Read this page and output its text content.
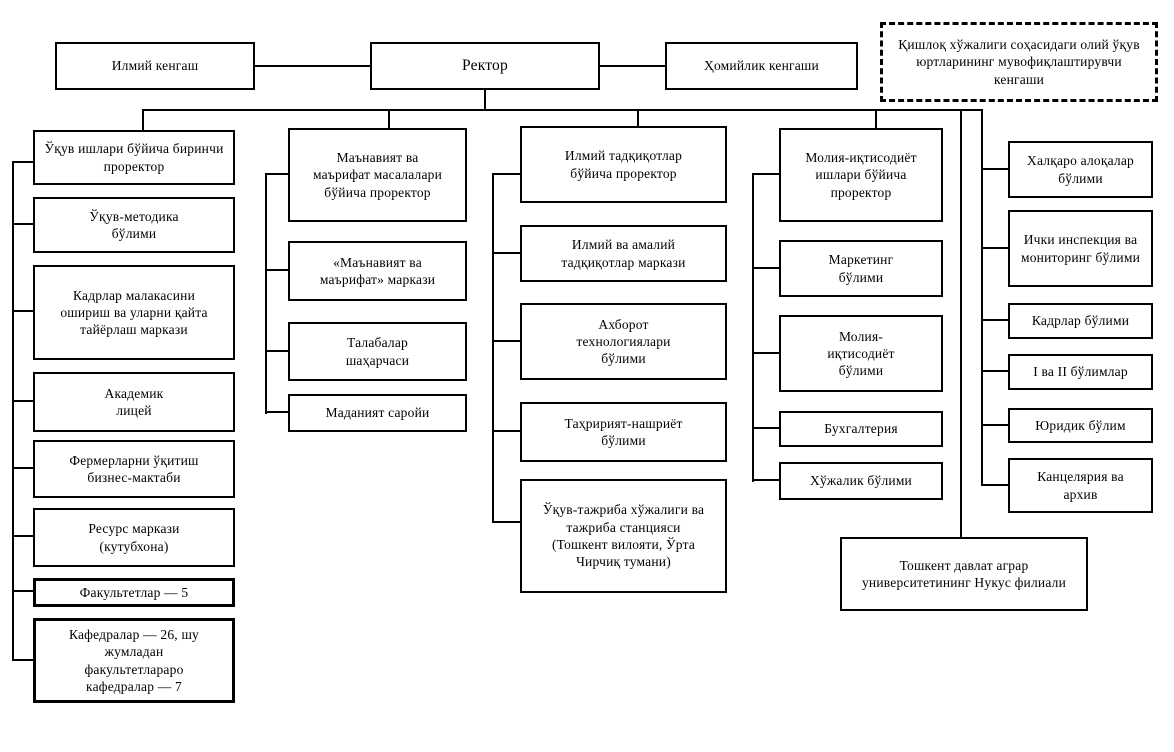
Илмий кенгаш	Ректор	Ҳомийлик кенгаши
Қишлоқ хўжалиги соҳасидаги олий ўқув юртларининг мувофиқлаштирувчи кенгаши
Ўқув ишлари бўйича биринчи проректор
Ўқув-методика бўлими
Кадрлар малакасини ошириш ва уларни қайта тайёрлаш маркази
Академик лицей
Фермерларни ўқитиш бизнес-мактаби
Ресурс маркази (кутубхона)
Факультетлар — 5
Кафедралар — 26, шу жумладан факультетлараро кафедралар — 7
Маънавият ва маърифат масалалари бўйича проректор
«Маънавият ва маърифат» маркази
Талабалар шаҳарчаси
Маданият саройи
Илмий тадқиқотлар бўйича проректор
Илмий ва амалий тадқиқотлар маркази
Ахборот технологиялари бўлими
Таҳририят-нашриёт бўлими
Ўқув-тажриба хўжалиги ва тажриба станцияси (Тошкент вилояти, Ўрта Чирчиқ тумани)
Молия-иқтисодиёт ишлари бўйича проректор
Маркетинг бўлими
Молия-иқтисодиёт бўлими
Бухгалтерия
Хўжалик бўлими
Халқаро алоқалар бўлими
Ички инспекция ва мониторинг бўлими
Кадрлар бўлими
I ва II бўлимлар
Юридик бўлим
Канцелярия ва архив
Тошкент давлат аграр университетининг Нукус филиали
